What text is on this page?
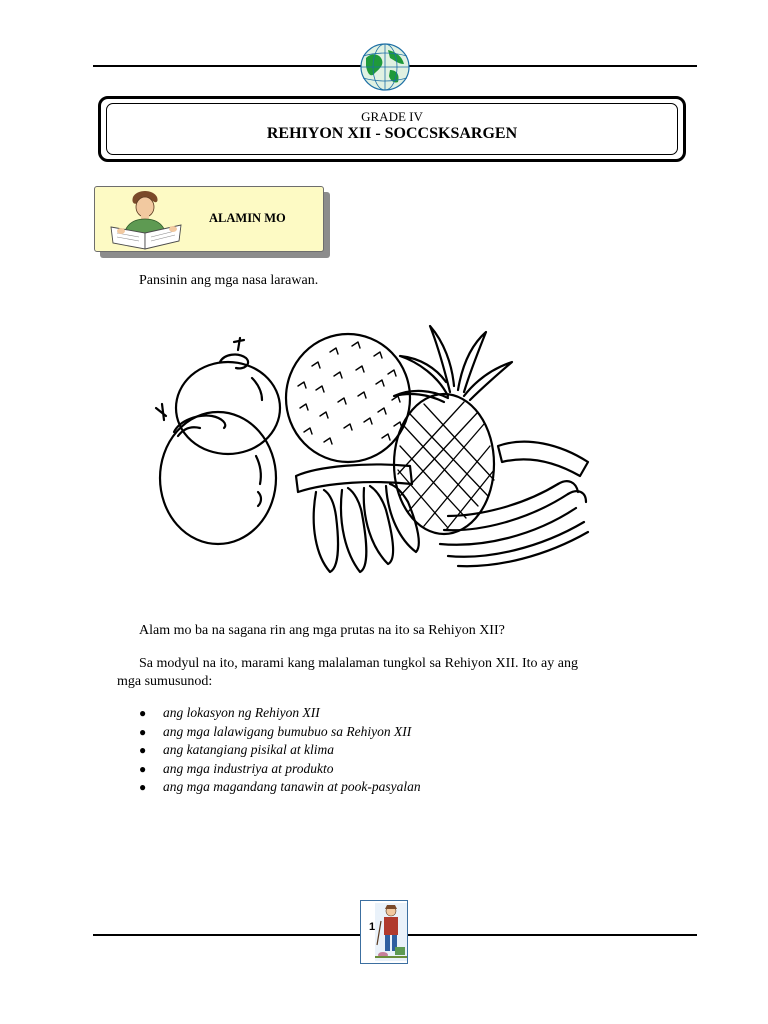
GRADE IV
REHIYON XII - SOCCSKSARGEN
ALAMIN MO
Pansinin ang mga nasa larawan.
Alam mo ba na sagana rin ang mga prutas na ito sa Rehiyon XII?
Sa modyul na ito, marami kang malalaman tungkol sa Rehiyon XII. Ito ay ang
mga sumusunod:
● ang lokasyon ng Rehiyon XII
● ang mga lalawigang bumubuo sa Rehiyon XII
● ang katangiang pisikal at klima
● ang mga industriya at produkto
● ang mga magandang tanawin at pook-pasyalan
1
